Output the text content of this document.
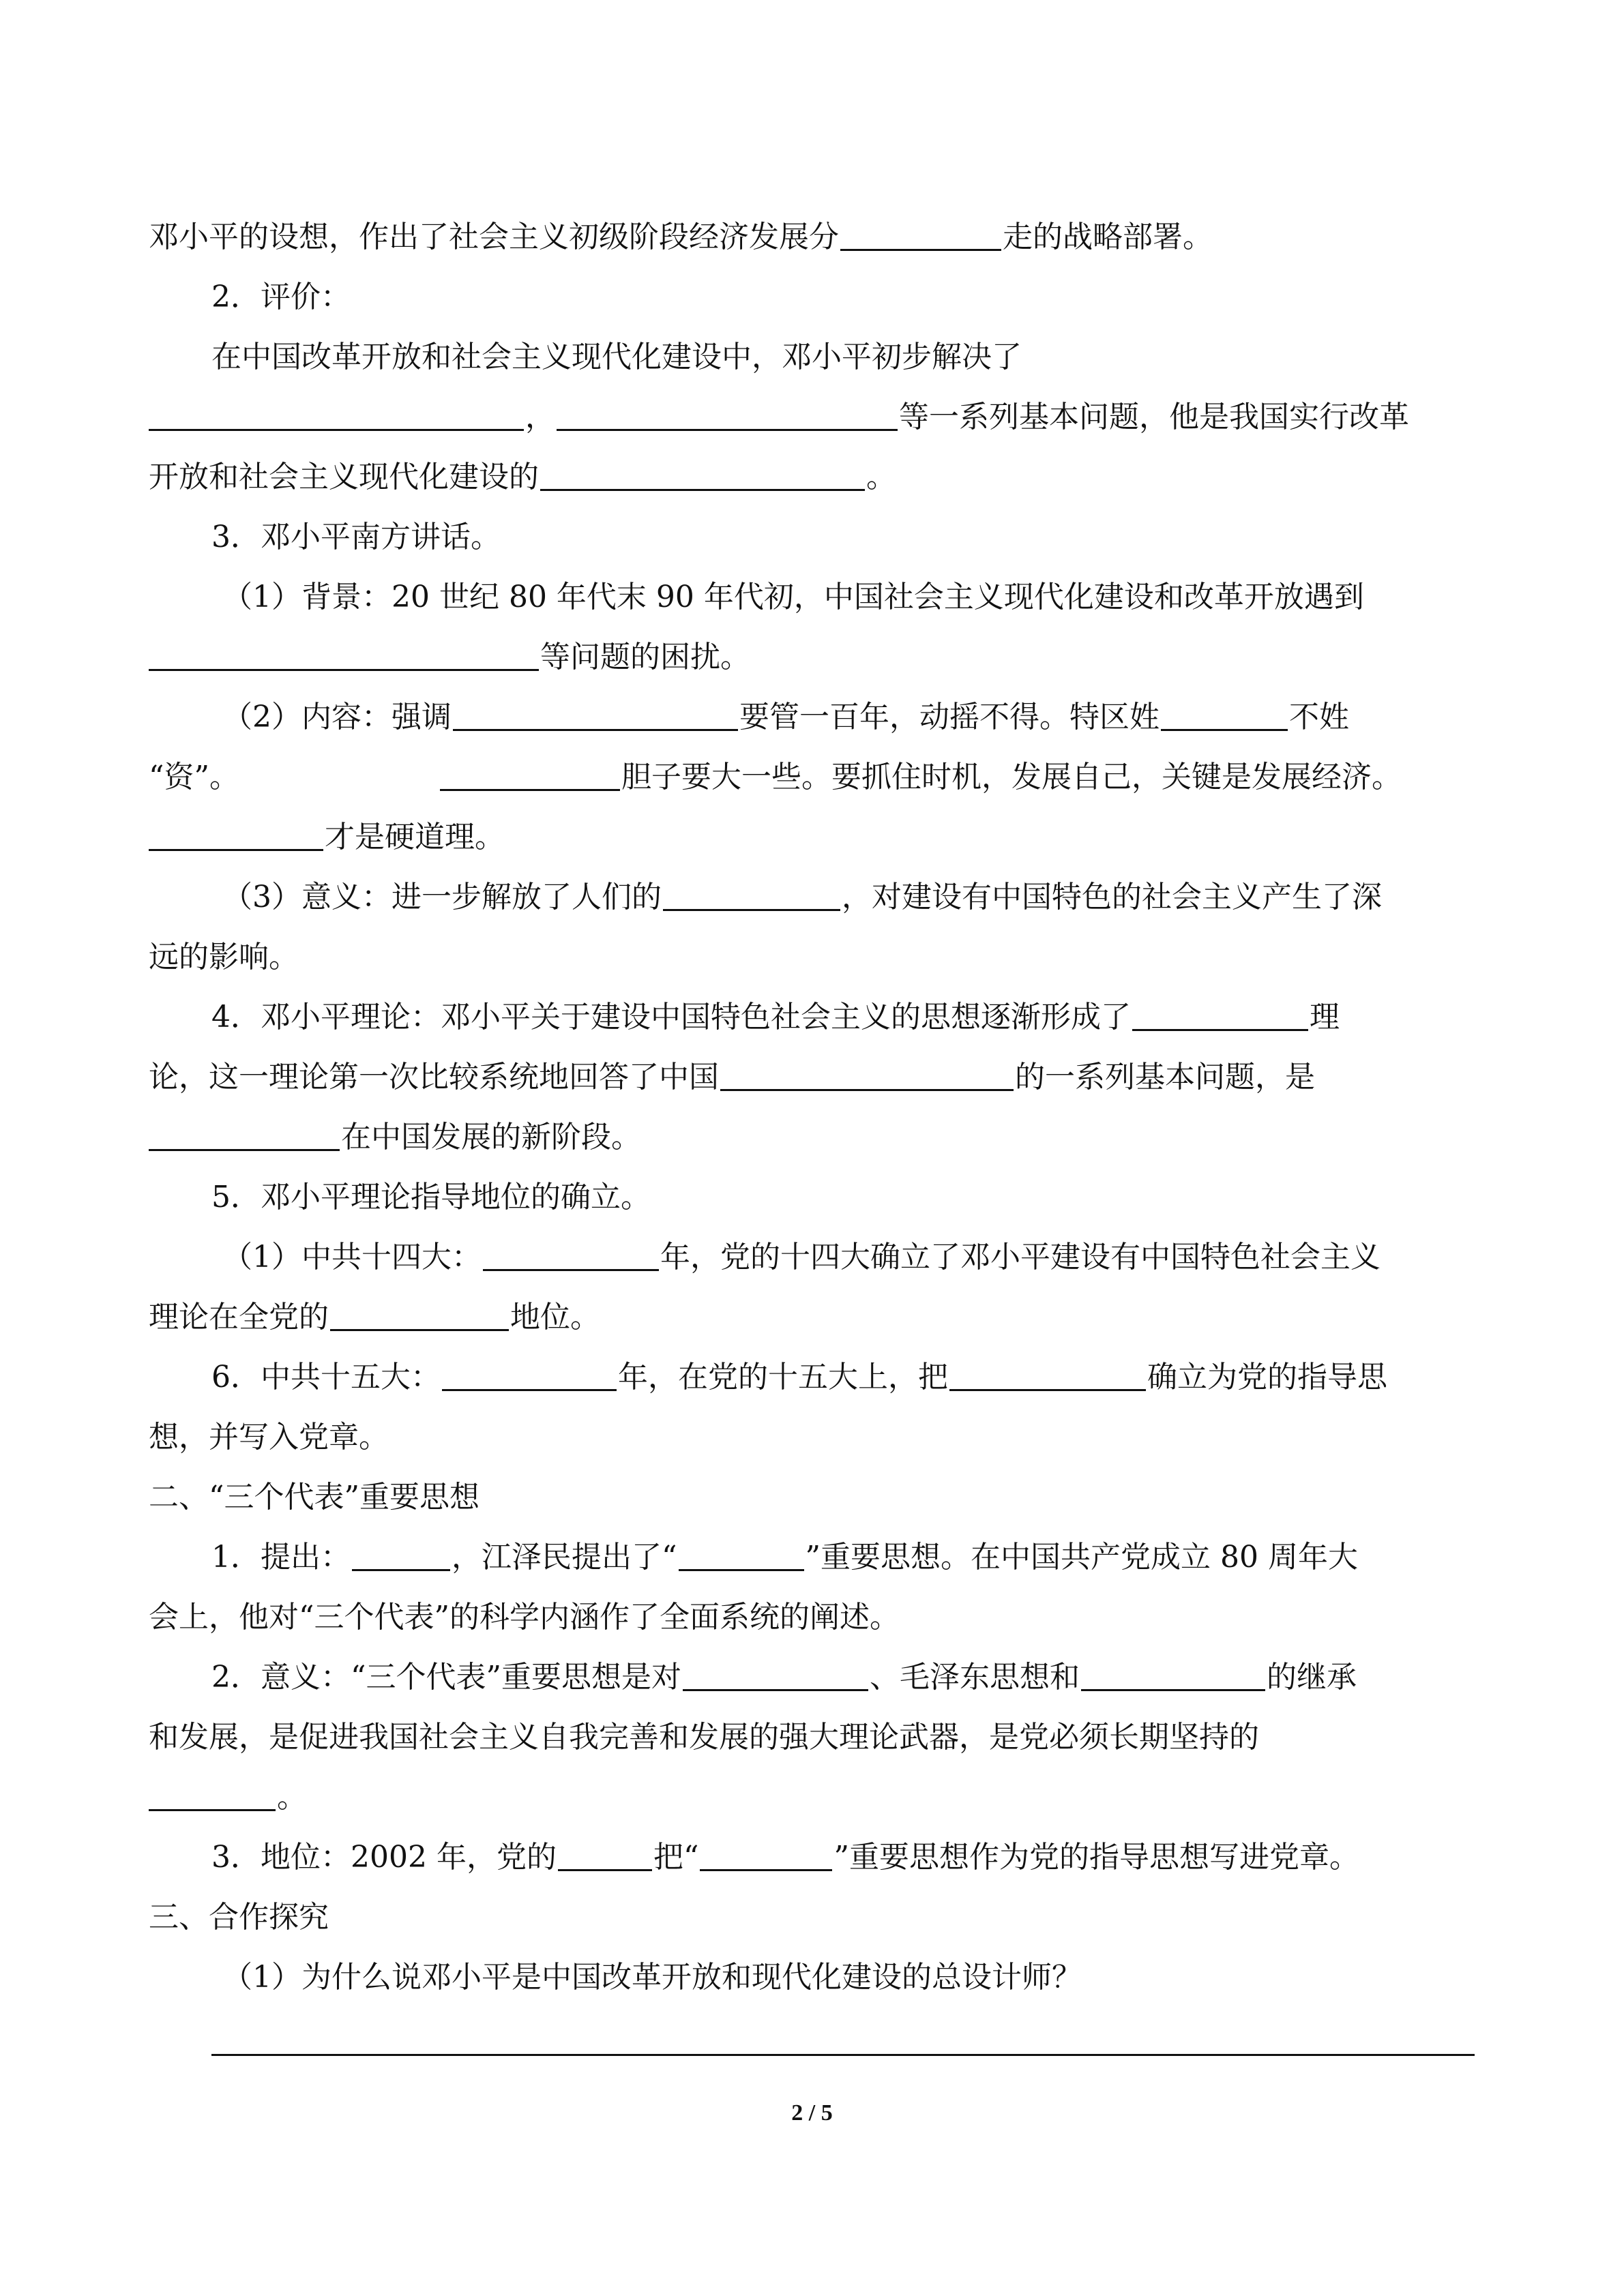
邓小平的设想，作出了社会主义初级阶段经济发展分	走的战略部署。
2．评价：
在中国改革开放和社会主义现代化建设中，邓小平初步解决了
，	等一系列基本问题，他是我国实行改革
开放和社会主义现代化建设的	。
3．邓小平南方讲话。
（1）背景：20 世纪 80 年代末 90 年代初，中国社会主义现代化建设和改革开放遇到
等问题的困扰。
（2）内容：强调	要管一百年，动摇不得。特区姓	不姓
“资”。	胆子要大一些。要抓住时机，发展自己，关键是发展经济。
才是硬道理。
（3）意义：进一步解放了人们的	，对建设有中国特色的社会主义产生了深
远的影响。
4．邓小平理论：邓小平关于建设中国特色社会主义的思想逐渐形成了	理
论，这一理论第一次比较系统地回答了中国	的一系列基本问题，是
在中国发展的新阶段。
5．邓小平理论指导地位的确立。
（1）中共十四大：	年，党的十四大确立了邓小平建设有中国特色社会主义
理论在全党的	地位。
6．中共十五大：	年，在党的十五大上，把	确立为党的指导思
想，并写入党章。
二、“三个代表”重要思想
1．提出：	，江泽民提出了“	”重要思想。在中国共产党成立 80 周年大
会上，他对“三个代表”的科学内涵作了全面系统的阐述。
2．意义：“三个代表”重要思想是对	、毛泽东思想和	的继承
和发展，是促进我国社会主义自我完善和发展的强大理论武器，是党必须长期坚持的
。
3．地位：2002 年，党的	把“	”重要思想作为党的指导思想写进党章。
三、合作探究
（1）为什么说邓小平是中国改革开放和现代化建设的总设计师？
2 / 5
